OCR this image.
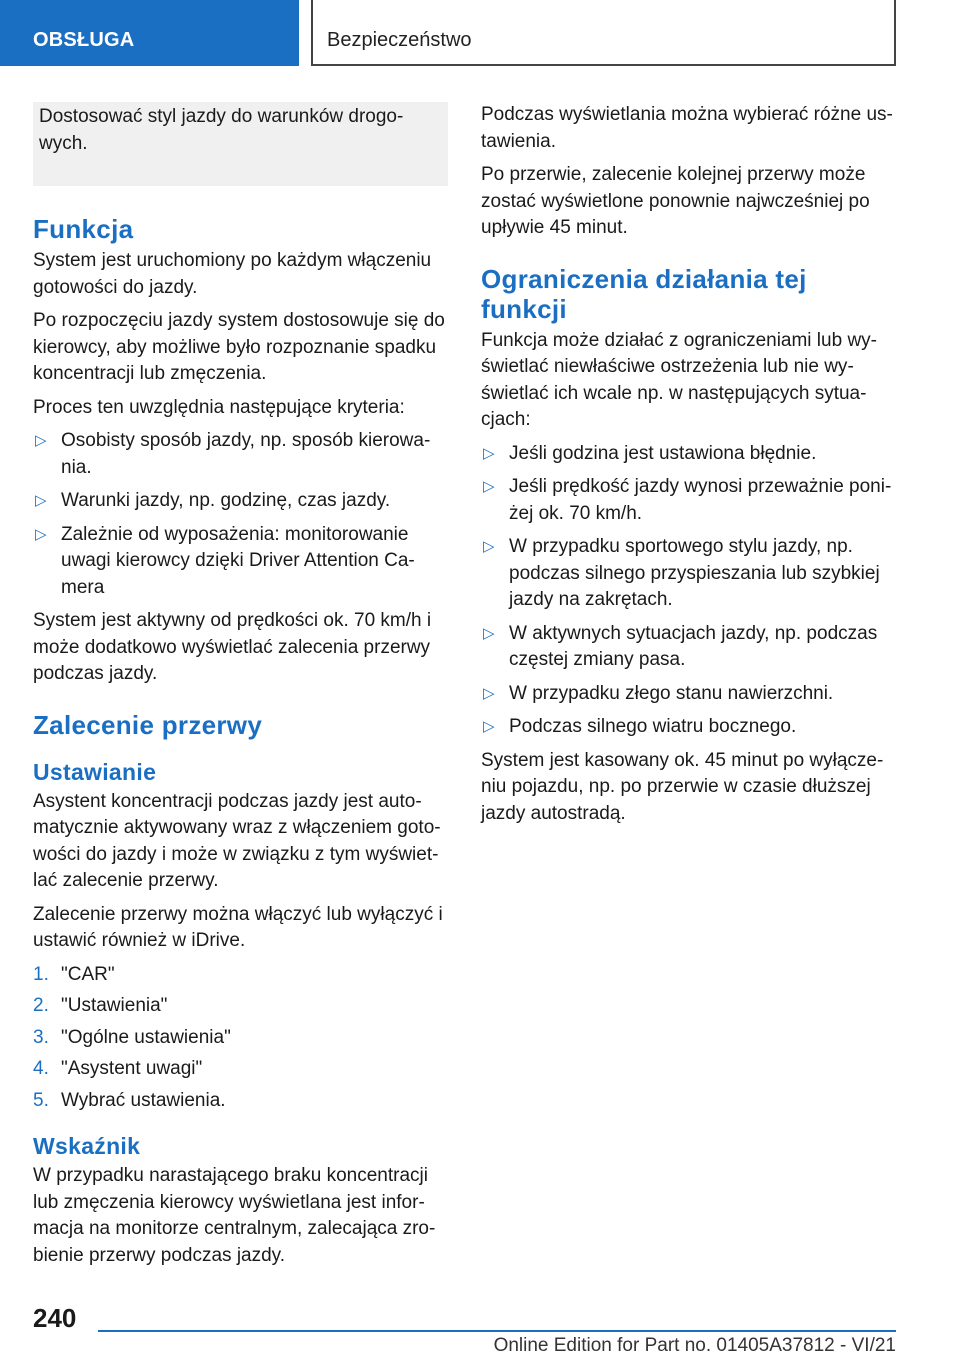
OBSŁUGA	Bezpieczeństwo

Dostosować styl jazdy do warunków drogowych.

Funkcja

System jest uruchomiony po każdym włączeniu gotowości do jazdy.

Po rozpoczęciu jazdy system dostosowuje się do kierowcy, aby możliwe było rozpoznanie spadku koncentracji lub zmęczenia.

Proces ten uwzględnia następujące kryteria:

▷ Osobisty sposób jazdy, np. sposób kierowania.
▷ Warunki jazdy, np. godzinę, czas jazdy.
▷ Zależnie od wyposażenia: monitorowanie uwagi kierowcy dzięki Driver Attention Camera

System jest aktywny od prędkości ok. 70 km/h i może dodatkowo wyświetlać zalecenia przerwy podczas jazdy.

Zalecenie przerwy
Ustawianie

Asystent koncentracji podczas jazdy jest automatycznie aktywowany wraz z włączeniem gotowości do jazdy i może w związku z tym wyświetlać zalecenie przerwy.

Zalecenie przerwy można włączyć lub wyłączyć i ustawić również w iDrive.

1. "CAR"
2. "Ustawienia"
3. "Ogólne ustawienia"
4. "Asystent uwagi"
5. Wybrać ustawienia.
Wskaźnik

W przypadku narastającego braku koncentracji lub zmęczenia kierowcy wyświetlana jest informacja na monitorze centralnym, zalecająca zrobienie przerwy podczas jazdy.

Podczas wyświetlania można wybierać różne ustawienia.

Po przerwie, zalecenie kolejnej przerwy może zostać wyświetlone ponownie najwcześniej po upływie 45 minut.

Ograniczenia działania tej funkcji

Funkcja może działać z ograniczeniami lub wyświetlać niewłaściwe ostrzeżenia lub nie wyświetlać ich wcale np. w następujących sytuacjach:

▷ Jeśli godzina jest ustawiona błędnie.
▷ Jeśli prędkość jazdy wynosi przeważnie poniżej ok. 70 km/h.
▷ W przypadku sportowego stylu jazdy, np. podczas silnego przyspieszania lub szybkiej jazdy na zakrętach.
▷ W aktywnych sytuacjach jazdy, np. podczas częstej zmiany pasa.
▷ W przypadku złego stanu nawierzchni.
▷ Podczas silnego wiatru bocznego.

System jest kasowany ok. 45 minut po wyłączeniu pojazdu, np. po przerwie w czasie dłuższej jazdy autostradą.

240
Online Edition for Part no. 01405A37812 - VI/21
